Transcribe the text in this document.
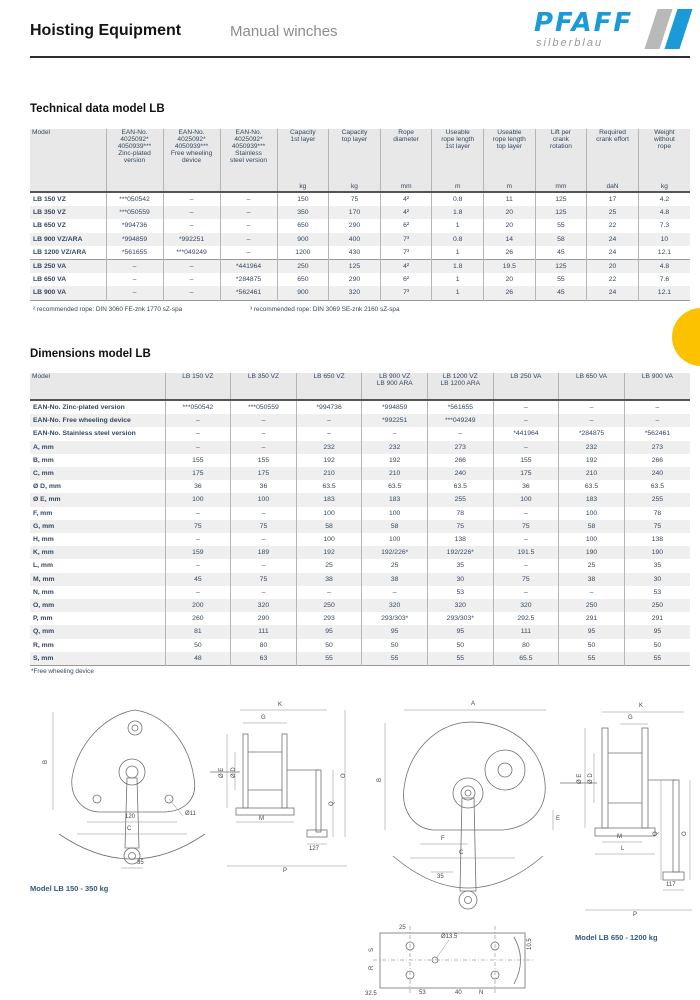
Hoisting Equipment	Manual winches	PFAFF
silberblau
Technical data model LB
Model	EAN-No.
4025092*
4050939***
Zinc-plated
version

EAN-No.
4025092*
4050939***
Free wheeling
device

EAN-No.
4025092*
4050939***
Stainless
steel version

Capacity
1st layer
kg

Capacity
top layer
kg

Rope
diameter
mm

Useable
rope length
1st layer
m

Useable
rope length
top layer
m

Lift per
crank
rotation
mm

Required
crank effort
daN

Weight
without
rope
kg

LB 150 VZ	***050542	–	–	150	75	4²	0.8	11	125	17	4.2
LB 350 VZ	***050559	–	–	350	170	4²	1.8	20	125	25	4.8
LB 650 VZ	*994736	–	–	650	290	6²	1	20	55	22	7.3
LB 900 VZ/ARA	*994859	*992251	–	900	400	7³	0.8	14	58	24	10
LB 1200 VZ/ARA	*561655	***049249	–	1200	430	7³	1	26	45	24	12.1
LB 250 VA	–	–	*441964	250	125	4²	1.8	19.5	125	20	4.8
LB 650 VA	–	–	*284875	650	290	6²	1	20	55	22	7.6
LB 900 VA	–	–	*562461	900	320	7³	1	26	45	24	12.1
² recommended rope: DIN 3060 FE-znk 1770 sZ-spa	³ recommended rope: DIN 3069 SE-znk 2160 sZ-spa
Dimensions model LB
Model	LB 150 VZ	LB 350 VZ	LB 650 VZ	LB 900 VZ
LB 900 ARA

LB 1200 VZ
LB 1200 ARA

LB 250 VA	LB 650 VA	LB 900 VA

EAN-No. Zinc-plated version	***050542	***050559	*994736	*994859	*561655	–	–	–
EAN-No. Free wheeling device	–	–	–	*992251	***049249	–	–	–
EAN-No. Stainless steel version	–	–	–	–	–	*441964	*284875	*562461
A, mm	–	–	232	232	273	–	232	273
B, mm	155	155	192	192	266	155	192	266
C, mm	175	175	210	210	240	175	210	240
Ø D, mm	36	36	63.5	63.5	63.5	36	63.5	63.5
Ø E, mm	100	100	183	183	255	100	183	255
F, mm	–	–	100	100	78	–	100	78
G, mm	75	75	58	58	75	75	58	75
H, mm	–	–	100	100	138	–	100	138
K, mm	159	189	192	192/226*	192/226*	191.5	190	190
L, mm	–	–	25	25	35	–	25	35
M, mm	45	75	38	38	30	75	38	30
N, mm	–	–	–	–	53	–	–	53
O, mm	200	320	250	320	320	320	250	250
P, mm	260	290	293	293/303*	293/303*	292.5	291	291
Q, mm	81	111	95	95	95	111	95	95
R, mm	50	80	50	50	50	80	50	50
S, mm	48	63	55	55	55	65.5	55	55
*Free wheeling device
B
120
C
Ø11
35
K
G
Ø E Ø D
M
Q
O
127
P
Model LB 150 - 350 kg
A
B
F
C
35
E
K
G
Ø E Ø D
M
L
Q	O
117
P
Ø13.5
53	40	N
10.5
32.5
R
S
25
Model LB 650 - 1200 kg
